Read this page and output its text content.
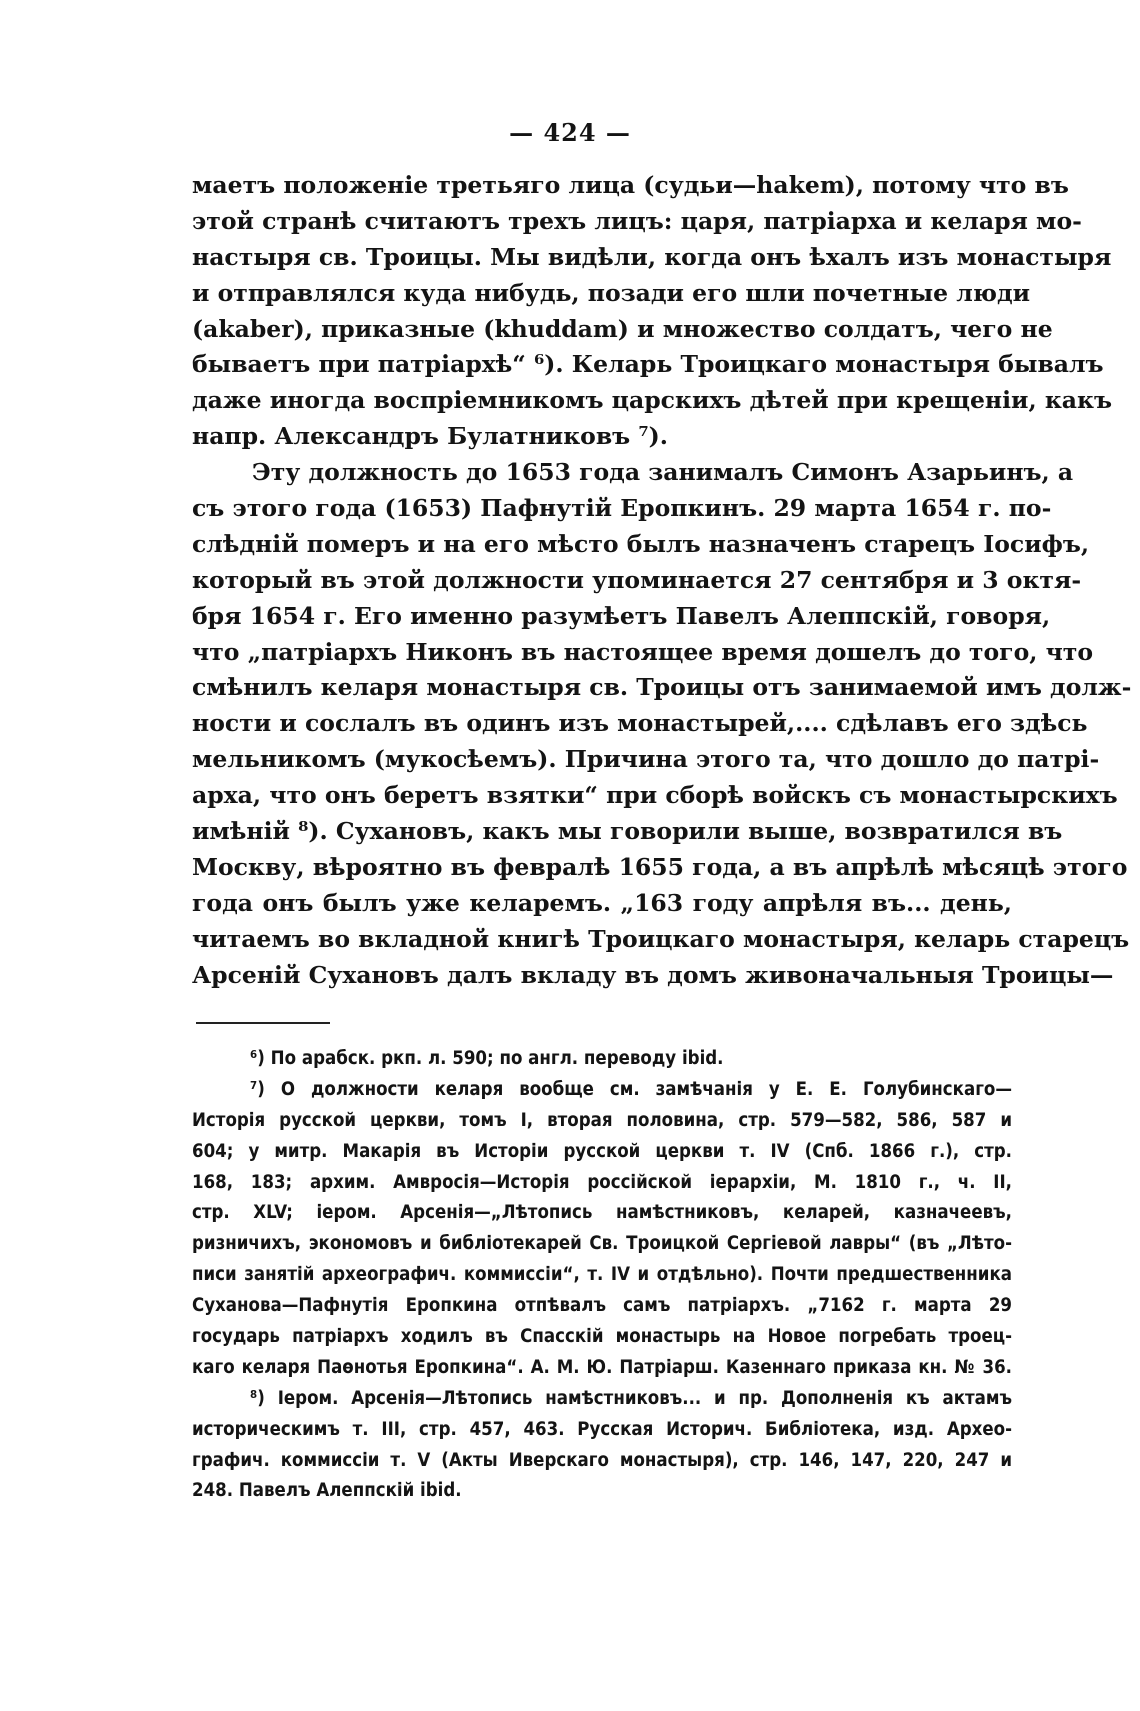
— 424 —
маетъ положеніе третьяго лица (судьи—hakem), потому что въ
этой странѣ считаютъ трехъ лицъ: царя, патріарха и келаря мо-
настыря св. Троицы. Мы видѣли, когда онъ ѣхалъ изъ монастыря
и отправлялся куда нибудь, позади его шли почетные люди
(akaber), приказные (khuddam) и множество солдатъ, чего не
бываетъ при патріархѣ“ ⁶). Келарь Троицкаго монастыря бывалъ
даже иногда воспріемникомъ царскихъ дѣтей при крещеніи, какъ
напр. Александръ Булатниковъ ⁷).
Эту должность до 1653 года занималъ Симонъ Азарьинъ, а
съ этого года (1653) Пафнутій Еропкинъ. 29 марта 1654 г. по-
слѣдній померъ и на его мѣсто былъ назначенъ старецъ Іосифъ,
который въ этой должности упоминается 27 сентября и 3 октя-
бря 1654 г. Его именно разумѣетъ Павелъ Алеппскій, говоря,
что „патріархъ Никонъ въ настоящее время дошелъ до того, что
смѣнилъ келаря монастыря св. Троицы отъ занимаемой имъ долж-
ности и сослалъ въ одинъ изъ монастырей,.... сдѣлавъ его здѣсь
мельникомъ (мукосѣемъ). Причина этого та, что дошло до патрі-
арха, что онъ беретъ взятки“ при сборѣ войскъ съ монастырскихъ
имѣній ⁸). Сухановъ, какъ мы говорили выше, возвратился въ
Москву, вѣроятно въ февралѣ 1655 года, а въ апрѣлѣ мѣсяцѣ этого
года онъ былъ уже келаремъ. „163 году апрѣля въ... день,
читаемъ во вкладной книгѣ Троицкаго монастыря, келарь старецъ
Арсеній Сухановъ далъ вкладу въ домъ живоначальныя Троицы—
⁶) По арабск. ркп. л. 590; по англ. переводу ibid.
⁷) О должности келаря вообще см. замѣчанія у Е. Е. Голубинскаго—
Исторія русской церкви, томъ I, вторая половина, стр. 579—582, 586, 587 и
604; у митр. Макарія въ Исторіи русской церкви т. IV (Спб. 1866 г.), стр.
168, 183; архим. Амвросія—Исторія россійской іерархіи, М. 1810 г., ч. II,
стр. XLV; іером. Арсенія—„Лѣтопись намѣстниковъ, келарей, казначеевъ,
ризничихъ, экономовъ и библіотекарей Св. Троицкой Сергіевой лавры“ (въ „Лѣто-
писи занятій археографич. коммиссіи“, т. IV и отдѣльно). Почти предшественника
Суханова—Пафнутія Еропкина отпѣвалъ самъ патріархъ. „7162 г. марта 29
государь патріархъ ходилъ въ Спасскій монастырь на Новое погребать троец-
каго келаря Паөнотья Еропкина“. А. М. Ю. Патріарш. Казеннаго приказа кн. № 36.
⁸) Іером. Арсенія—Лѣтопись намѣстниковъ... и пр. Дополненія къ актамъ
историческимъ т. III, стр. 457, 463. Русская Историч. Библіотека, изд. Архео-
графич. коммиссіи т. V (Акты Иверскаго монастыря), стр. 146, 147, 220, 247 и
248. Павелъ Алеппскій ibid.
